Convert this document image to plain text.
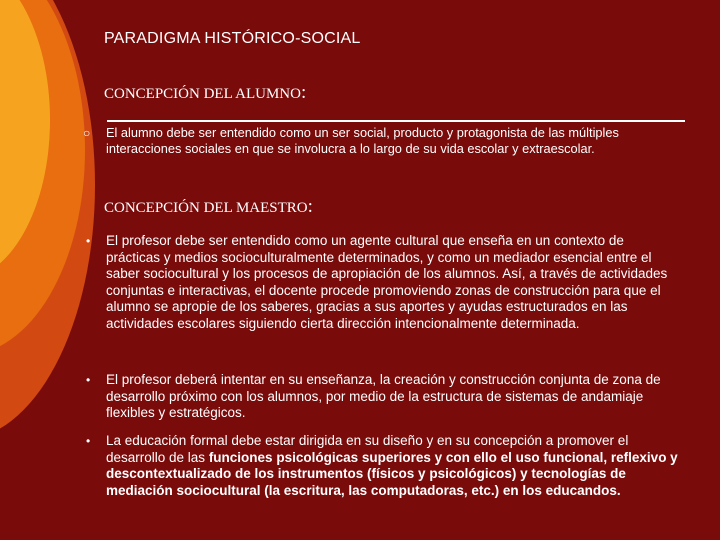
PARADIGMA HISTÓRICO-SOCIAL
CONCEPCIÓN DEL ALUMNO:
○ El alumno debe ser entendido como un ser social, producto y protagonista de las múltiples interacciones sociales en que se involucra a lo largo de su vida escolar y extraescolar.
CONCEPCIÓN DEL MAESTRO:
• El profesor debe ser entendido como un agente cultural que enseña en un contexto de prácticas y medios socioculturalmente determinados, y como un mediador esencial entre el saber sociocultural y los procesos de apropiación de los alumnos. Así, a través de actividades conjuntas e interactivas, el docente procede promoviendo zonas de construcción para que el alumno se apropie de los saberes, gracias a sus aportes y ayudas estructurados en las actividades escolares siguiendo cierta dirección intencionalmente determinada.
• El profesor deberá intentar en su enseñanza, la creación y construcción conjunta de zona de desarrollo próximo con los alumnos, por medio de la estructura de sistemas de andamiaje flexibles y estratégicos.
• La educación formal debe estar dirigida en su diseño y en su concepción a promover el desarrollo de las funciones psicológicas superiores y con ello el uso funcional, reflexivo y descontextualizado de los instrumentos (físicos y psicológicos) y tecnologías de mediación sociocultural (la escritura, las computadoras, etc.) en los educandos.
